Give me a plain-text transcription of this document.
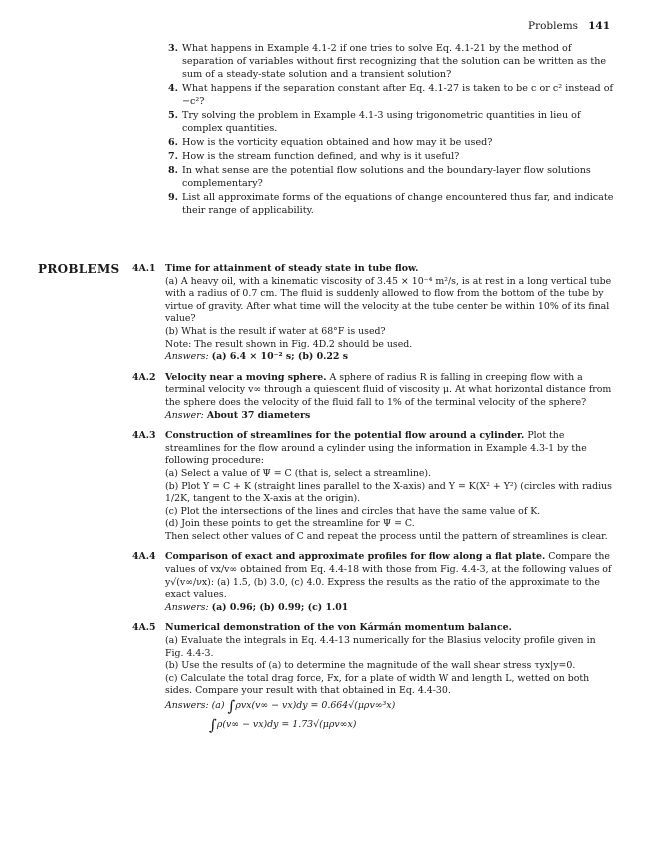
Problems 141
3. What happens in Example 4.1-2 if one tries to solve Eq. 4.1-21 by the method of separation of variables without first recognizing that the solution can be written as the sum of a steady-state solution and a transient solution?
4. What happens if the separation constant after Eq. 4.1-27 is taken to be c or c² instead of −c²?
5. Try solving the problem in Example 4.1-3 using trigonometric quantities in lieu of complex quantities.
6. How is the vorticity equation obtained and how may it be used?
7. How is the stream function defined, and why is it useful?
8. In what sense are the potential flow solutions and the boundary-layer flow solutions complementary?
9. List all approximate forms of the equations of change encountered thus far, and indicate their range of applicability.
PROBLEMS 4A.1	Time for attainment of steady state in tube flow.
(a) A heavy oil, with a kinematic viscosity of 3.45 × 10⁻⁴ m²/s, is at rest in a long vertical tube with a radius of 0.7 cm. The fluid is suddenly allowed to flow from the bottom of the tube by virtue of gravity. After what time will the velocity at the tube center be within 10% of its final value?
(b) What is the result if water at 68°F is used?
Note: The result shown in Fig. 4D.2 should be used.
Answers: (a) 6.4 × 10⁻² s; (b) 0.22 s
4A.2	Velocity near a moving sphere. A sphere of radius R is falling in creeping flow with a terminal velocity v∞ through a quiescent fluid of viscosity μ. At what horizontal distance from the sphere does the velocity of the fluid fall to 1% of the terminal velocity of the sphere?
Answer: About 37 diameters
4A.3	Construction of streamlines for the potential flow around a cylinder. Plot the streamlines for the flow around a cylinder using the information in Example 4.3-1 by the following procedure:
(a) Select a value of Ψ = C (that is, select a streamline).
(b) Plot Y = C + K (straight lines parallel to the X-axis) and Y = K(X² + Y²) (circles with radius 1/2K, tangent to the X-axis at the origin).
(c) Plot the intersections of the lines and circles that have the same value of K.
(d) Join these points to get the streamline for Ψ = C.
Then select other values of C and repeat the process until the pattern of streamlines is clear.
4A.4	Comparison of exact and approximate profiles for flow along a flat plate. Compare the values of vx/v∞ obtained from Eq. 4.4-18 with those from Fig. 4.4-3, at the following values of y√(v∞/νx): (a) 1.5, (b) 3.0, (c) 4.0. Express the results as the ratio of the approximate to the exact values.
Answers: (a) 0.96; (b) 0.99; (c) 1.01
4A.5	Numerical demonstration of the von Kármán momentum balance.
(a) Evaluate the integrals in Eq. 4.4-13 numerically for the Blasius velocity profile given in Fig. 4.4-3.
(b) Use the results of (a) to determine the magnitude of the wall shear stress τyx|y=0.
(c) Calculate the total drag force, Fx, for a plate of width W and length L, wetted on both sides. Compare your result with that obtained in Eq. 4.4-30.
Answers: (a) ∫ρvx(v∞ − vx)dy = 0.664√(μρv∞³x)
∫ρ(v∞ − vx)dy = 1.73√(μρv∞x)
